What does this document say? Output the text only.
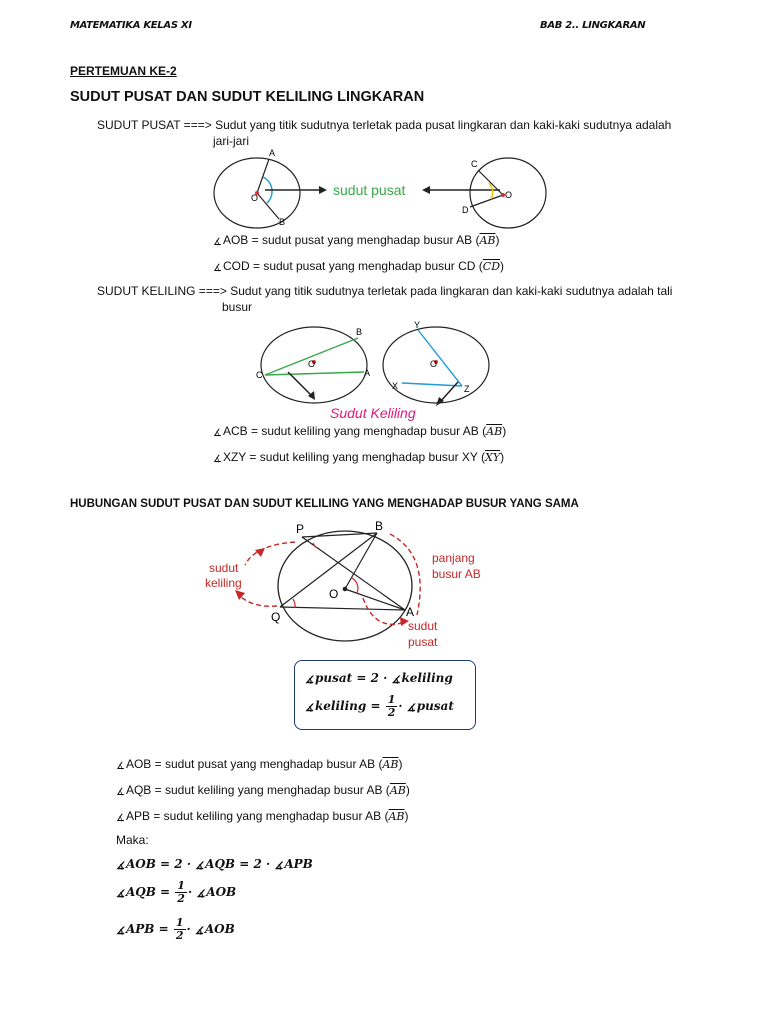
MATEMATIKA KELAS XI	BAB 2.. LINGKARAN
PERTEMUAN KE-2
SUDUT PUSAT DAN SUDUT KELILING LINGKARAN
SUDUT PUSAT ===> Sudut yang titik sudutnya terletak pada pusat lingkaran dan kaki-kaki sudutnya adalah
jari-jari
A
O
B
sudut pusat
C
O
D
∡AOB = sudut pusat yang menghadap busur AB $(\overline{AB})$
∡COD = sudut pusat yang menghadap busur CD $(\overline{CD})$
SUDUT KELILING ===> Sudut yang titik sudutnya terletak pada lingkaran dan kaki-kaki sudutnya adalah tali
busur
O
B
C	A
O
Y
X	Z
Sudut Keliling
∡ACB = sudut keliling yang menghadap busur AB $(\overline{AB})$
∡XZY = sudut keliling yang menghadap busur XY $(\overline{XY})$
HUBUNGAN SUDUT PUSAT DAN SUDUT KELILING YANG MENGHADAP BUSUR YANG SAMA
P	B
O
Q	A
sudut
keliling
panjang
busur AB
sudut
pusat
∡pusat = 2 · ∡keliling
∡keliling = $\frac{1}{2}$ · ∡pusat
∡AOB = sudut pusat yang menghadap busur AB $(\overline{AB})$
∡AQB = sudut keliling yang menghadap busur AB $(\overline{AB})$
∡APB = sudut keliling yang menghadap busur AB $(\overline{AB})$
Maka:
∡AOB = 2 · ∡AQB = 2 · ∡APB
∡AQB = $\frac{1}{2}$ · ∡AOB
∡APB = $\frac{1}{2}$ · ∡AOB
